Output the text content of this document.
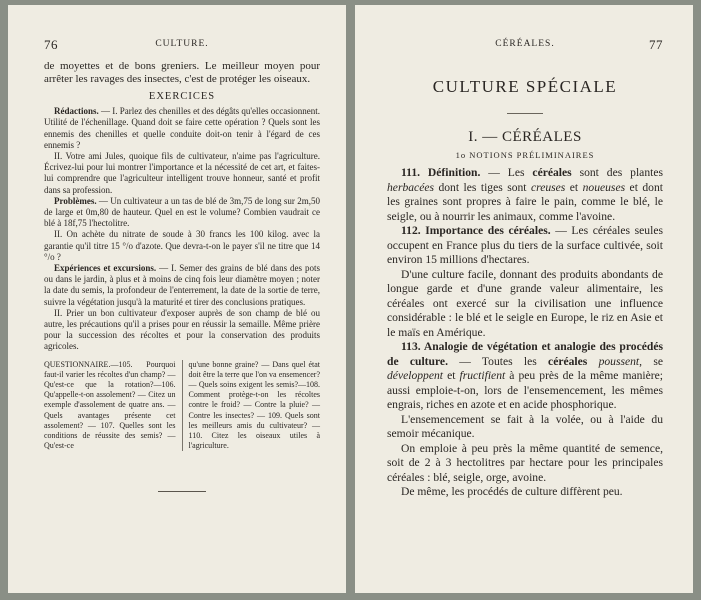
76	CULTURE.

de moyettes et de bons greniers. Le meilleur moyen pour arrêter les ravages des insectes, c'est de protéger les oiseaux.

EXERCICES

Rédactions. — I. Parlez des chenilles et des dégâts qu'elles occasionnent. Utilité de l'échenillage. Quand doit se faire cette opération ? Quels sont les ennemis des chenilles et quelle conduite doit-on tenir à l'égard de ces ennemis ?

II. Votre ami Jules, quoique fils de cultivateur, n'aime pas l'agriculture. Écrivez-lui pour lui montrer l'importance et la nécessité de cet art, et faites-lui comprendre que l'agriculteur intelligent trouve honneur, santé et profit dans sa profession.

Problèmes. — Un cultivateur a un tas de blé de 3m,75 de long sur 2m,50 de large et 0m,80 de hauteur. Quel en est le volume? Combien vaudrait ce blé à 18f,75 l'hectolitre.

II. On achète du nitrate de soude à 30 francs les 100 kilog. avec la garantie qu'il titre 15 °/o d'azote. Que devra-t-on le payer s'il ne titre que 14 °/o ?

Expériences et excursions. — I. Semer des grains de blé dans des pots ou dans le jardin, à plus et à moins de cinq fois leur diamètre moyen ; noter la date du semis, la profondeur de l'enterrement, la date de la sortie de terre, suivre la végétation jusqu'à la maturité et tirer des conclusions pratiques.

II. Prier un bon cultivateur d'exposer auprès de son champ de blé ou autre, les précautions qu'il a prises pour en réussir la semaille. Même prière pour la succession des récoltes et pour la conservation des produits agricoles.

QUESTIONNAIRE.—105. Pourquoi faut-il varier les récoltes d'un champ? — Qu'est-ce que la rotation?—106. Qu'appelle-t-on assolement? — Citez un exemple d'assolement de quatre ans. — Quels avantages présente cet assolement? — 107. Quelles sont les conditions de réussite des semis? — Qu'est-ce
qu'une bonne graine? — Dans quel état doit être la terre que l'on va ensemencer? — Quels soins exigent les semis?—108. Comment protège-t-on les récoltes contre le froid? — Contre la pluie? — Contre les insectes? — 109. Quels sont les meilleurs amis du cultivateur? — 110. Citez les oiseaux utiles à l'agriculture.
CÉRÉALES.	77
CULTURE SPÉCIALE
I. — CÉRÉALES
1o NOTIONS PRÉLIMINAIRES

111. Définition. — Les céréales sont des plantes herbacées dont les tiges sont creuses et noueuses et dont les graines sont propres à faire le pain, comme le blé, le seigle, ou à nourrir les animaux, comme l'avoine.

112. Importance des céréales. — Les céréales seules occupent en France plus du tiers de la surface cultivée, soit environ 15 millions d'hectares.

D'une culture facile, donnant des produits abondants de longue garde et d'une grande valeur alimentaire, les céréales ont exercé sur la civilisation une influence considérable : le blé et le seigle en Europe, le riz en Asie et le maïs en Amérique.

113. Analogie de végétation et analogie des procédés de culture. — Toutes les céréales poussent, se développent et fructifient à peu près de la même manière; aussi emploie-t-on, lors de l'ensemencement, les mêmes engrais, riches en azote et en acide phosphorique.

L'ensemencement se fait à la volée, ou à l'aide du semoir mécanique.

On emploie à peu près la même quantité de semence, soit de 2 à 3 hectolitres par hectare pour les principales céréales : blé, seigle, orge, avoine.

De même, les procédés de culture diffèrent peu.
